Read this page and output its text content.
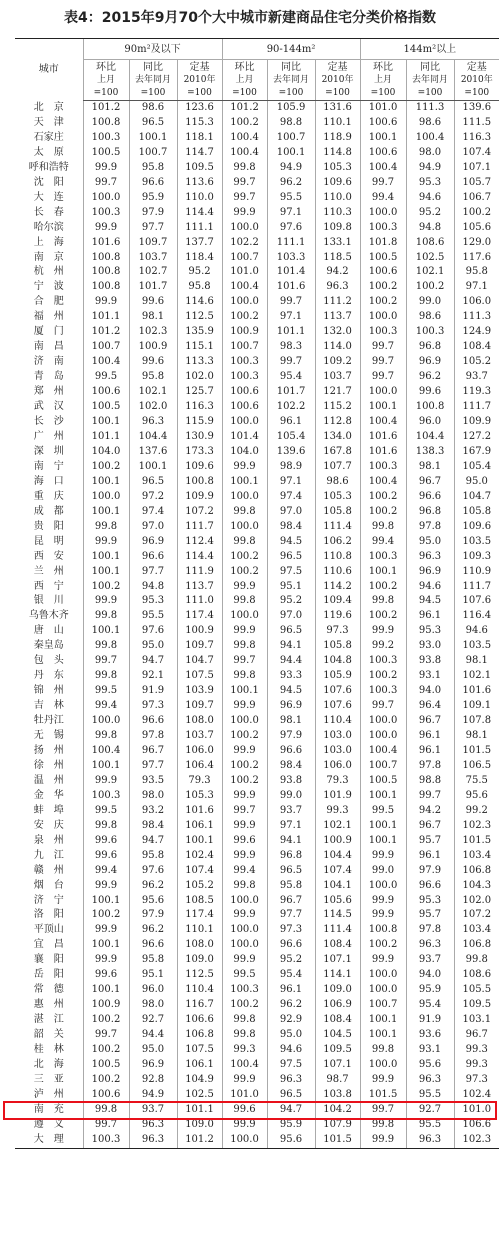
表4：2015年9月70个大中城市新建商品住宅分类价格指数
城市	90m²及以下			90-144m²			144m²以上		
	环比	同比	定基	环比	同比	定基	环比	同比	定基
	上月	去年同月	2010年	上月	去年同月	2010年	上月	去年同月	2010年
	=100	=100	=100	=100	=100	=100	=100	=100	=100
北　京	101.2	98.6	123.6	101.2	105.9	131.6	101.0	111.3	139.6
天　津	100.8	96.5	115.3	100.2	98.8	110.1	100.6	98.6	111.5
石家庄	100.3	100.1	118.1	100.4	100.7	118.9	100.1	100.4	116.3
太　原	100.5	100.7	114.7	100.4	100.1	114.8	100.6	98.0	107.4
呼和浩特	99.9	95.8	109.5	99.8	94.9	105.3	100.4	94.9	107.1
沈　阳	99.7	96.6	113.6	99.7	96.2	109.6	99.7	95.3	105.7
大　连	100.0	95.9	110.0	99.7	95.5	110.0	99.4	94.6	106.7
长　春	100.3	97.9	114.4	99.9	97.1	110.3	100.0	95.2	100.2
哈尔滨	99.9	97.7	111.1	100.0	97.6	109.8	100.3	94.8	105.6
上　海	101.6	109.7	137.7	102.2	111.1	133.1	101.8	108.6	129.0
南　京	100.8	103.7	118.4	100.7	103.3	118.5	100.5	102.5	117.6
杭　州	100.8	102.7	95.2	101.0	101.4	94.2	100.6	102.1	95.8
宁　波	100.8	101.7	95.8	100.4	101.6	96.3	100.2	100.2	97.1
合　肥	99.9	99.6	114.6	100.0	99.7	111.2	100.2	99.0	106.0
福　州	101.1	98.1	112.5	100.2	97.1	113.7	100.0	98.6	111.3
厦　门	101.2	102.3	135.9	100.9	101.1	132.0	100.3	100.3	124.9
南　昌	100.7	100.9	115.1	100.7	98.3	114.0	99.7	96.8	108.4
济　南	100.4	99.6	113.3	100.3	99.7	109.2	99.7	96.9	105.2
青　岛	99.5	95.8	102.0	100.3	95.4	103.7	99.7	96.2	93.7
郑　州	100.6	102.1	125.7	100.6	101.7	121.7	100.0	99.6	119.3
武　汉	100.5	102.0	116.3	100.6	102.2	115.2	100.1	100.8	111.7
长　沙	100.1	96.3	115.9	100.0	96.1	112.8	100.4	96.0	109.9
广　州	101.1	104.4	130.9	101.4	105.4	134.0	101.6	104.4	127.2
深　圳	104.0	137.6	173.3	104.0	139.6	167.8	101.6	138.3	167.9
南　宁	100.2	100.1	109.6	99.9	98.9	107.7	100.3	98.1	105.4
海　口	100.1	96.5	100.8	100.1	97.1	98.6	100.4	96.7	95.0
重　庆	100.0	97.2	109.9	100.0	97.4	105.3	100.2	96.6	104.7
成　都	100.1	97.4	107.2	99.8	97.0	105.8	100.2	96.8	105.8
贵　阳	99.8	97.0	111.7	100.0	98.4	111.4	99.8	97.8	109.6
昆　明	99.9	96.9	112.4	99.8	94.5	106.2	99.4	95.0	103.5
西　安	100.1	96.6	114.4	100.2	96.5	110.8	100.3	96.3	109.3
兰　州	100.1	97.7	111.9	100.2	97.5	110.6	100.1	96.9	110.9
西　宁	100.2	94.8	113.7	99.9	95.1	114.2	100.2	94.6	111.7
银　川	99.9	95.3	111.0	99.8	95.2	109.4	99.8	94.5	107.6
乌鲁木齐	99.8	95.5	117.4	100.0	97.0	119.6	100.2	96.1	116.4
唐　山	100.1	97.6	100.9	99.9	96.5	97.3	99.9	95.3	94.6
秦皇岛	99.8	95.0	109.7	99.8	94.1	105.8	99.2	93.0	103.5
包　头	99.7	94.7	104.7	99.7	94.4	104.8	100.3	93.8	98.1
丹　东	99.8	92.1	107.5	99.8	93.3	105.9	100.2	93.1	102.1
锦　州	99.5	91.9	103.9	100.1	94.5	107.6	100.3	94.0	101.6
吉　林	99.4	97.3	109.7	99.9	96.9	107.6	99.7	96.4	109.1
牡丹江	100.0	96.6	108.0	100.0	98.1	110.4	100.0	96.7	107.8
无　锡	99.8	97.8	103.7	100.2	97.9	103.0	100.0	96.1	98.1
扬　州	100.4	96.7	106.0	99.9	96.6	103.0	100.4	96.1	101.5
徐　州	100.1	97.7	106.4	100.2	98.4	106.0	100.7	97.8	106.5
温　州	99.9	93.5	79.3	100.2	93.8	79.3	100.5	98.8	75.5
金　华	100.3	98.0	105.3	99.9	99.0	101.9	100.1	99.7	95.6
蚌　埠	99.5	93.2	101.6	99.7	93.7	99.3	99.5	94.2	99.2
安　庆	99.8	98.4	106.1	99.9	97.1	102.1	100.1	96.7	102.3
泉　州	99.6	94.7	100.1	99.6	94.1	100.9	100.1	95.7	101.5
九　江	99.6	95.8	102.4	99.9	96.8	104.4	99.9	96.1	103.4
赣　州	99.4	97.6	107.4	99.4	96.5	107.4	99.0	97.9	106.8
烟　台	99.9	96.2	105.2	99.8	95.8	104.1	100.0	96.6	104.3
济　宁	100.1	95.6	108.5	100.0	96.7	105.6	99.9	95.3	102.0
洛　阳	100.2	97.9	117.4	99.9	97.7	114.5	99.9	95.7	107.2
平顶山	99.9	96.2	110.1	100.0	97.3	111.4	100.8	97.8	103.4
宜　昌	100.1	96.6	108.0	100.0	96.6	108.4	100.2	96.3	106.8
襄　阳	99.9	95.8	109.0	99.9	95.2	107.1	99.9	93.7	99.8
岳　阳	99.6	95.1	112.5	99.5	95.4	114.1	100.0	94.0	108.6
常　德	100.1	96.0	110.4	100.3	96.1	109.0	100.0	95.9	105.5
惠　州	100.9	98.0	116.7	100.2	96.2	106.9	100.7	95.4	109.5
湛　江	100.2	92.7	106.6	99.8	92.9	108.4	100.1	91.9	103.1
韶　关	99.7	94.4	106.8	99.8	95.0	104.5	100.1	93.6	96.7
桂　林	100.2	95.0	107.5	99.3	94.6	109.5	99.8	93.1	99.3
北　海	100.5	96.9	106.1	100.4	97.5	107.1	100.0	95.6	99.3
三　亚	100.2	92.8	104.9	99.9	96.3	98.7	99.9	96.3	97.3
泸　州	100.6	94.9	102.5	101.0	96.5	103.8	101.5	95.5	102.4
南　充	99.8	93.7	101.1	99.6	94.7	104.2	99.7	92.7	101.0
遵　义	99.7	96.3	109.0	99.9	95.9	107.9	99.8	95.5	106.6
大　理	100.3	96.3	101.2	100.0	95.6	101.5	99.9	96.3	102.3
